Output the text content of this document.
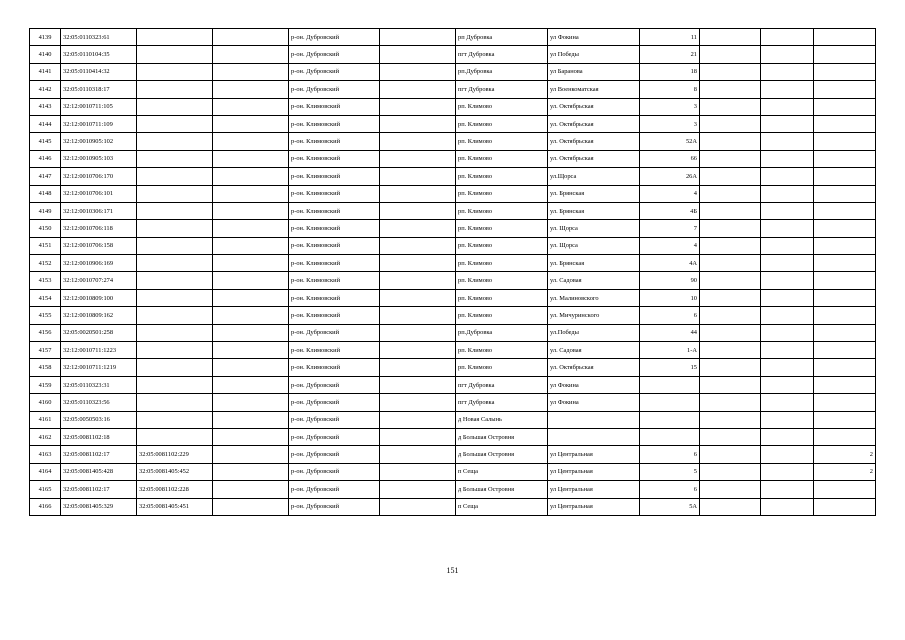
4139	32:05:0110323:61			р-он. Дубровский		рп Дубровка	ул Фокина	11			
4140	32:05:0110104:35			р-он. Дубровский		пгт Дубровка	ул Победы	21			
4141	32:05:0110414:32			р-он. Дубровский		рп.Дубровка	ул Баранова	18			
4142	32:05:0110318:17			р-он. Дубровский		пгт Дубровка	ул Военкоматская	8			
4143	32:12:0010711:105			р-он. Климовский		рп. Климово	ул. Октябрьская	3			
4144	32:12:0010711:109			р-он. Климовский		рп. Климово	ул. Октябрьская	3			
4145	32:12:0010905:102			р-он. Климовский		рп. Климово	ул. Октябрьская	52А			
4146	32:12:0010905:103			р-он. Климовский		рп. Климово	ул. Октябрьская	66			
4147	32:12:0010706:170			р-он. Климовский		рп. Климово	ул.Щорса	26А			
4148	32:12:0010706:101			р-он. Климовский		рп. Климово	ул. Брянская	4			
4149	32:12:0010306:171			р-он. Климовский		рп. Климово	ул. Брянская	4Б			
4150	32:12:0010706:118			р-он. Климовский		рп. Климово	ул. Щорса	7			
4151	32:12:0010706:158			р-он. Климовский		рп. Климово	ул. Щорса	4			
4152	32:12:0010906:169			р-он. Климовский		рп. Климово	ул. Брянская	4А			
4153	32:12:0010707:274			р-он. Климовский		рп. Климово	ул. Садовая	90			
4154	32:12:0010809:100			р-он. Климовский		рп. Климово	ул. Малиновского	10			
4155	32:12:0010809:162			р-он. Климовский		рп. Климово	ул. Мичуринского	6			
4156	32:05:0020501:258			р-он. Дубровский		рп.Дубровка	ул.Победы	44			
4157	32:12:0010711:1223			р-он. Климовский		рп. Климово	ул. Садовая	1-А			
4158	32:12:0010711:1219			р-он. Климовский		рп. Климово	ул. Октябрьская	15			
4159	32:05:0110323:31			р-он. Дубровский		пгт Дубровка	ул Фокина				
4160	32:05:0110323:56			р-он. Дубровский		пгт Дубровка	ул Фокина				
4161	32:05:0050503:16			р-он. Дубровский		д Новая Салынь					
4162	32:05:0081102:18			р-он. Дубровский		д Большая Островня					
4163	32:05:0081102:17	32:05:0081102:229		р-он. Дубровский		д Большая Островня	ул Центральная	6			2
4164	32:05:0081405:428	32:05:0081405:452		р-он. Дубровский		п Сещa	ул Центральная	5			2
4165	32:05:0081102:17	32:05:0081102:228		р-он. Дубровский		д Большая Островня	ул Центральная	6			
4166	32:05:0081405:329	32:05:0081405:451		р-он. Дубровский		п Сеща	ул Центральная	5А			
151
